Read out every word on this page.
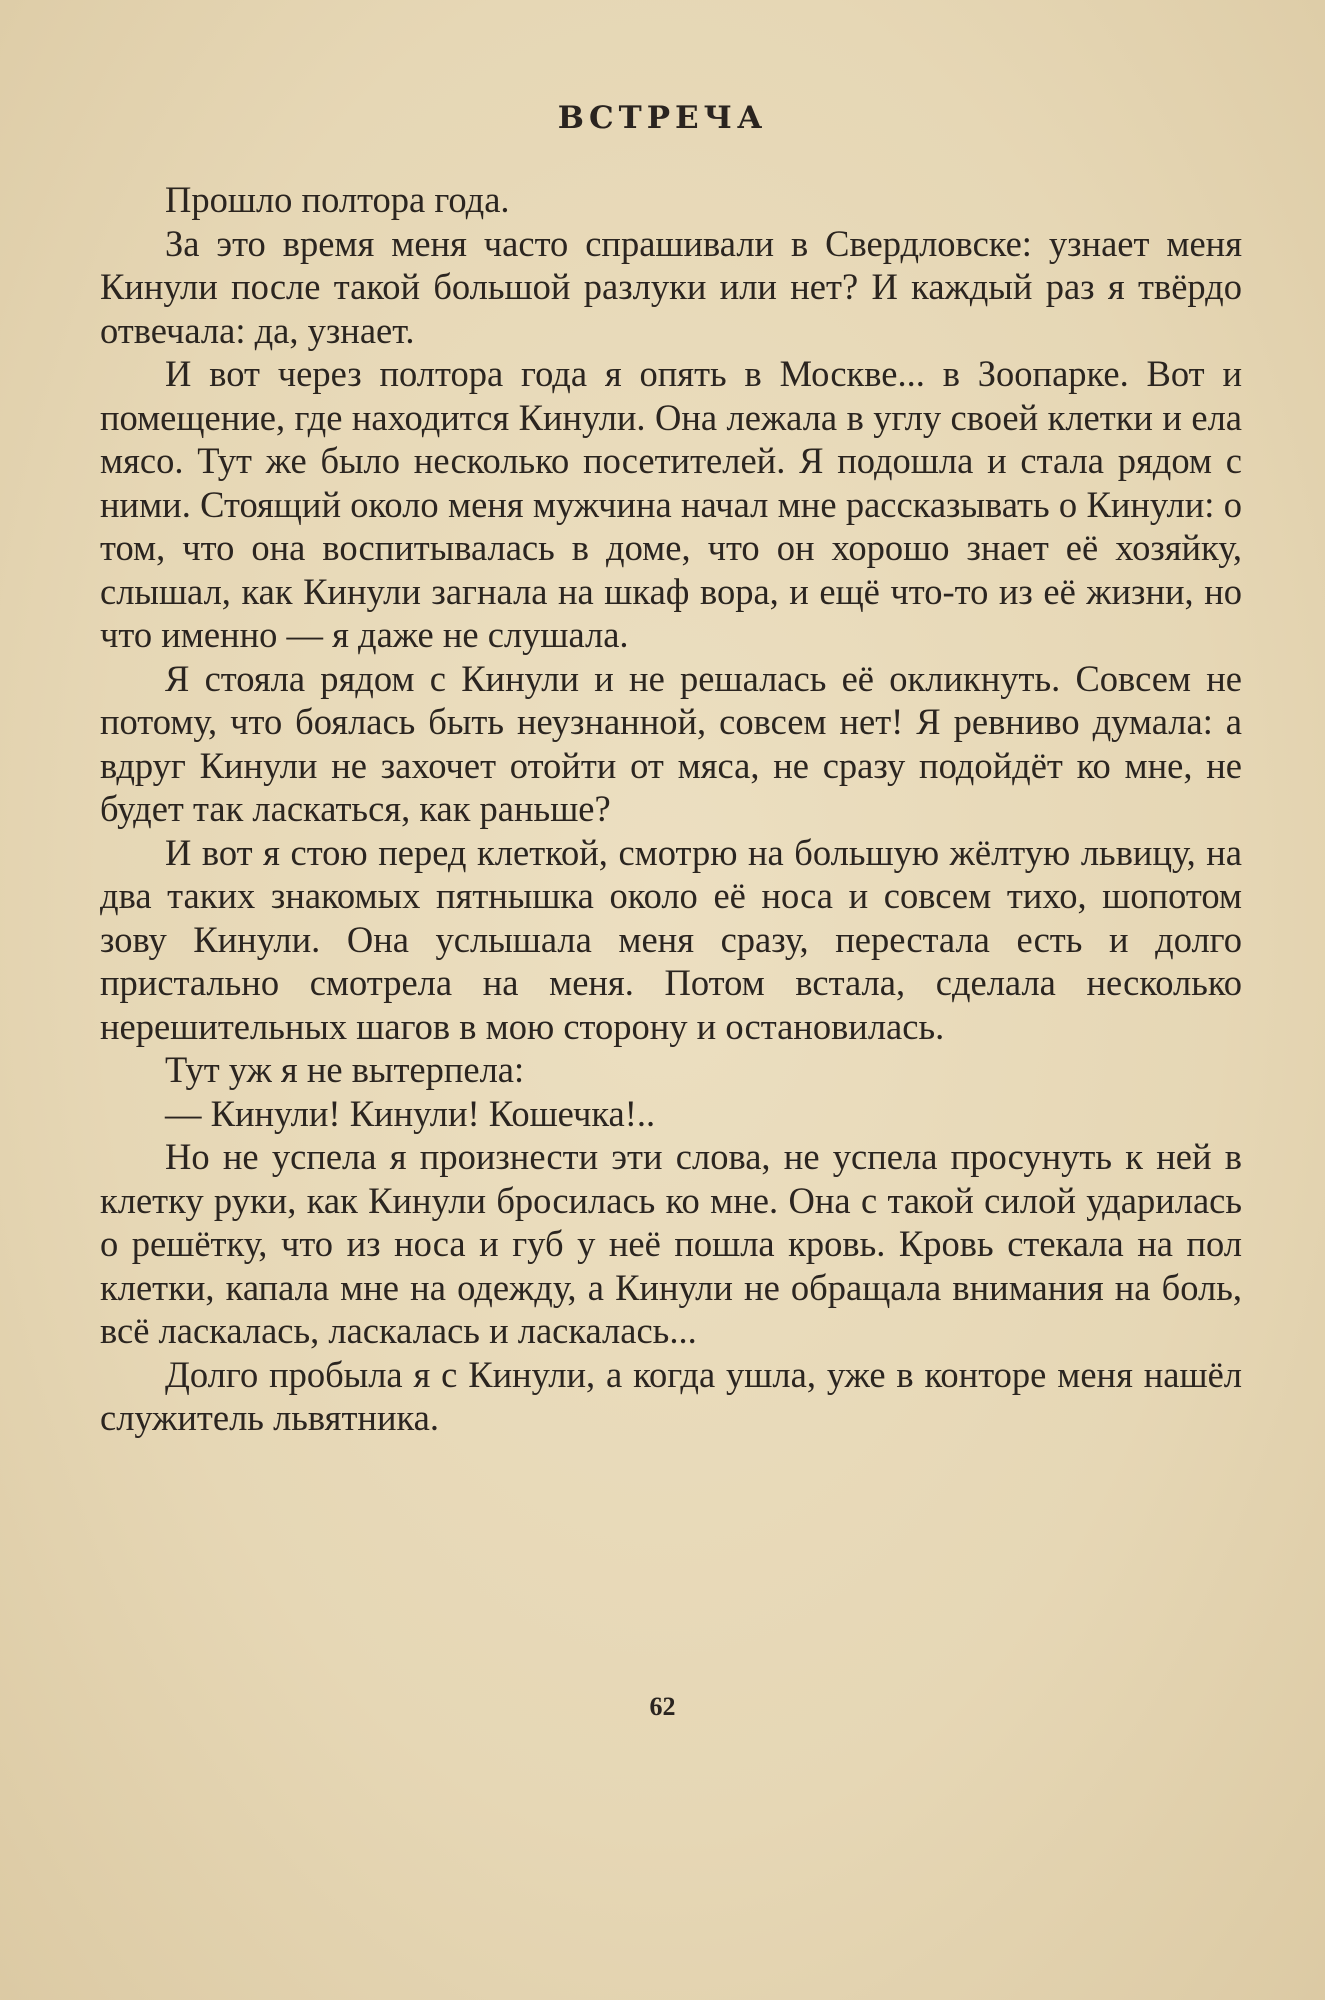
ВСТРЕЧА

Прошло полтора года.

За это время меня часто спрашивали в Свердловске: узнает меня Кинули после такой большой разлуки или нет? И каждый раз я твёрдо отвечала: да, узнает.

И вот через полтора года я опять в Москве... в Зоопарке. Вот и помещение, где находится Кинули. Она лежала в углу своей клетки и ела мясо. Тут же было несколько посетителей. Я подошла и стала рядом с ними. Стоящий около меня мужчина начал мне рассказывать о Кинули: о том, что она воспитывалась в доме, что он хорошо знает её хозяйку, слышал, как Кинули загнала на шкаф вора, и ещё что-то из её жизни, но что именно — я даже не слушала.

Я стояла рядом с Кинули и не решалась её окликнуть. Совсем не потому, что боялась быть неузнанной, совсем нет! Я ревниво думала: а вдруг Кинули не захочет отойти от мяса, не сразу подойдёт ко мне, не будет так ласкаться, как раньше?

И вот я стою перед клеткой, смотрю на большую жёлтую львицу, на два таких знакомых пятнышка около её носа и совсем тихо, шопотом зову Кинули. Она услышала меня сразу, перестала есть и долго пристально смотрела на меня. Потом встала, сделала несколько нерешительных шагов в мою сторону и остановилась.

Тут уж я не вытерпела:

— Кинули! Кинули! Кошечка!..

Но не успела я произнести эти слова, не успела просунуть к ней в клетку руки, как Кинули бросилась ко мне. Она с такой силой ударилась о решётку, что из носа и губ у неё пошла кровь. Кровь стекала на пол клетки, капала мне на одежду, а Кинули не обращала внимания на боль, всё ласкалась, ласкалась и ласкалась...

Долго пробыла я с Кинули, а когда ушла, уже в конторе меня нашёл служитель львятника.

62
